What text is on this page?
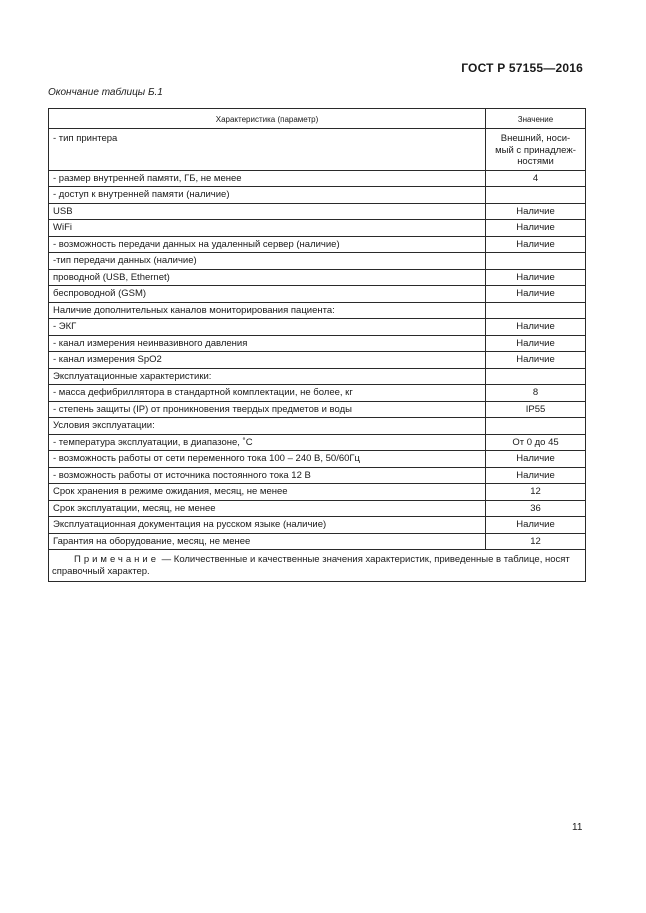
ГОСТ Р 57155—2016
Окончание таблицы Б.1
Характеристика (параметр)	Значение
- тип принтера	Внешний, носи-
мый с принадлеж-
ностями
- размер внутренней памяти, ГБ, не менее	4
- доступ к внутренней памяти (наличие)	
USB	Наличие
WiFi	Наличие
- возможность передачи данных на удаленный сервер (наличие)	Наличие
-тип передачи данных (наличие)	
проводной (USB, Ethernet)	Наличие
беспроводной (GSM)	Наличие
Наличие дополнительных каналов мониторирования пациента:	
- ЭКГ	Наличие
- канал измерения неинвазивного давления	Наличие
- канал измерения SpO2	Наличие
Эксплуатационные характеристики:	
- масса дефибриллятора в стандартной комплектации, не более, кг	8
- степень защиты (IP) от проникновения твердых предметов и воды	IP55
Условия эксплуатации:	
- температура эксплуатации, в диапазоне, ˚С	От 0 до 45
- возможность работы от сети переменного тока 100 – 240 В, 50/60Гц	Наличие
- возможность работы от источника постоянного тока 12 В	Наличие
Срок хранения в режиме ожидания, месяц, не менее	12
Срок эксплуатации, месяц, не менее	36
Эксплуатационная документация на русском языке (наличие)	Наличие
Гарантия на оборудование, месяц, не менее	12
Примечание — Количественные и качественные значения характеристик, приведенные в таблице, носят справочный характер.	
11
